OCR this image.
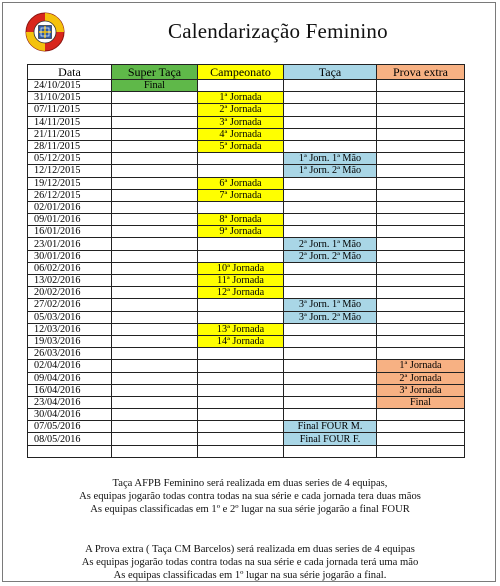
Calendarização Feminino
Data	Super Taça	Campeonato	Taça	Prova extra
24/10/2015	Final			
31/10/2015		1ª Jornada		
07/11/2015		2ª Jornada		
14/11/2015		3ª Jornada		
21/11/2015		4ª Jornada		
28/11/2015		5ª Jornada		
05/12/2015			1ª Jorn. 1ª Mão	
12/12/2015			1ª Jorn. 2ª Mão	
19/12/2015		6ª Jornada		
26/12/2015		7ª Jornada		
02/01/2016				
09/01/2016		8ª Jornada		
16/01/2016		9ª Jornada		
23/01/2016			2ª Jorn. 1ª Mão	
30/01/2016			2ª Jorn. 2ª Mão	
06/02/2016		10ª Jornada		
13/02/2016		11ª Jornada		
20/02/2016		12ª Jornada		
27/02/2016			3ª Jorn. 1ª Mão	
05/03/2016			3ª Jorn. 2ª Mão	
12/03/2016		13ª Jornada		
19/03/2016		14ª Jornada		
26/03/2016				
02/04/2016				1ª Jornada
09/04/2016				2ª Jornada
16/04/2016				3ª Jornada
23/04/2016				Final
30/04/2016				
07/05/2016			Final FOUR M.	
08/05/2016			Final FOUR F.	

Taça AFPB Feminino será realizada em duas series de 4 equipas,
As equipas jogarão todas contra todas na sua série e cada jornada tera duas mãos
As equipas classificadas em 1º e 2º lugar na sua série jogarão a final FOUR
A Prova extra ( Taça CM Barcelos) será realizada em duas series de 4 equipas
As equipas jogarão todas contra todas na sua série e cada jornada terá uma mão
As equipas classificadas em 1º lugar na sua série jogarão a final.
